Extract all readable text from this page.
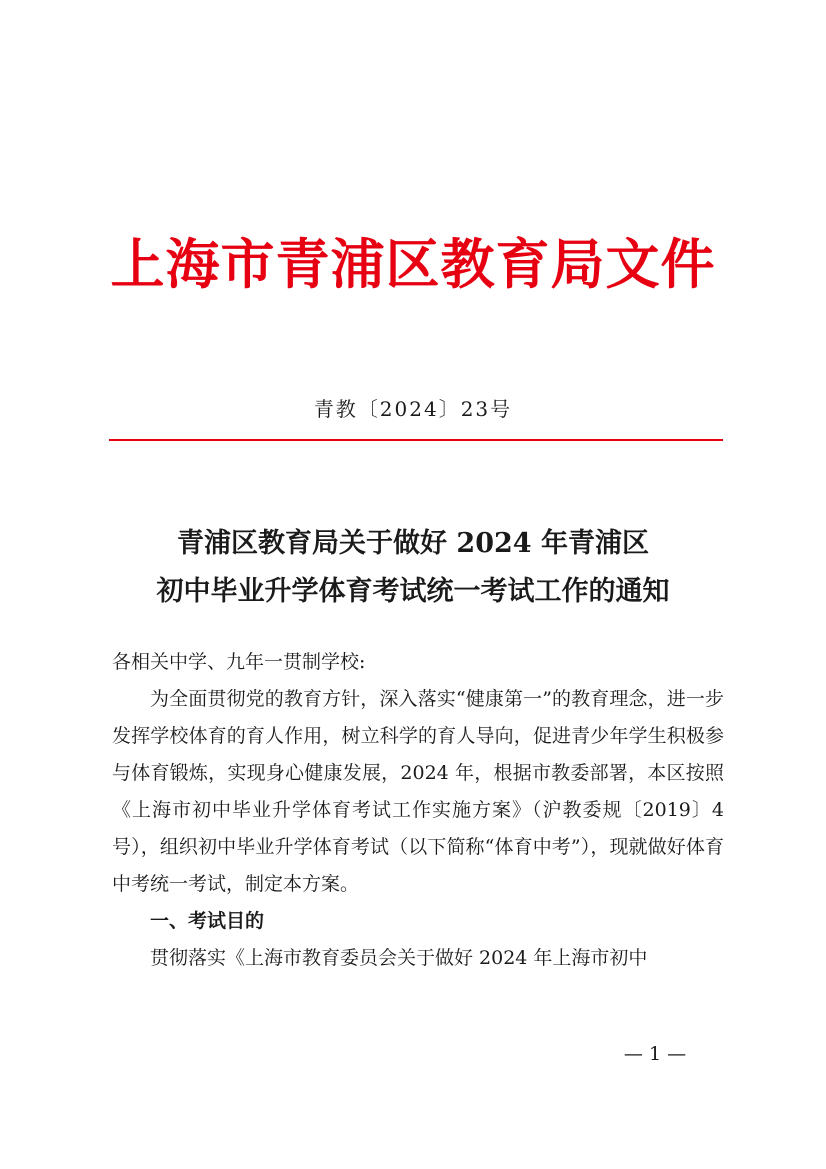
上海市青浦区教育局文件
青教〔2024〕23号
青浦区教育局关于做好 2024 年青浦区
初中毕业升学体育考试统一考试工作的通知

各相关中学、九年一贯制学校:

为全面贯彻党的教育方针，深入落实“健康第一”的教育理念，进一步发挥学校体育的育人作用，树立科学的育人导向，促进青少年学生积极参与体育锻炼，实现身心健康发展，2024 年，根据市教委部署，本区按照《上海市初中毕业升学体育考试工作实施方案》（沪教委规〔2019〕4 号），组织初中毕业升学体育考试（以下简称“体育中考”），现就做好体育中考统一考试，制定本方案。

一、考试目的

贯彻落实《上海市教育委员会关于做好 2024 年上海市初中

— 1 —
